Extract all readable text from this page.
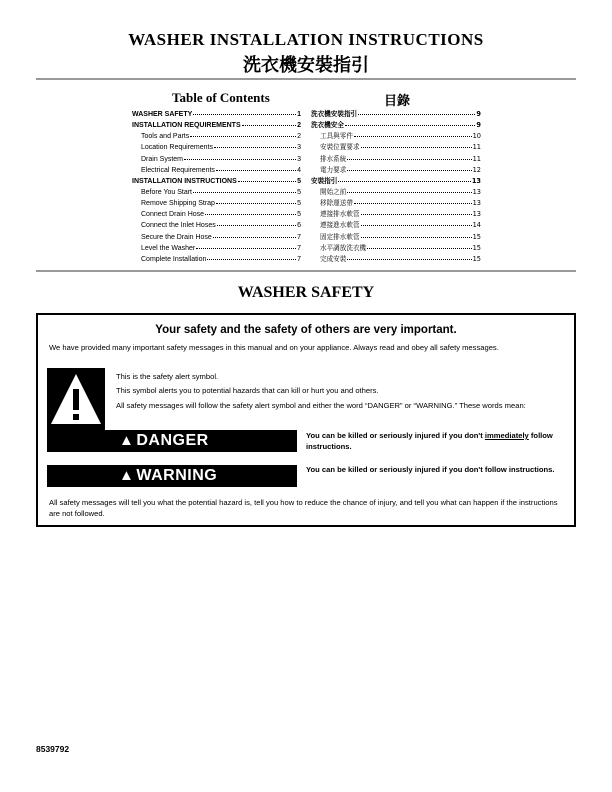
WASHER INSTALLATION INSTRUCTIONS
洗衣機安裝指引
Table of Contents
WASHER SAFETY	1
INSTALLATION REQUIREMENTS	2
Tools and Parts	2
Location Requirements	3
Drain System	3
Electrical Requirements	4
INSTALLATION INSTRUCTIONS	5
Before You Start	5
Remove Shipping Strap	5
Connect Drain Hose	5
Connect the Inlet Hoses	6
Secure the Drain Hose	7
Level the Washer	7
Complete Installation	7
目錄
洗衣機安裝指引	9
洗衣機安全	9
工具與零件	10
安裝位置要求	11
排水系統	11
電力要求	12
安裝指引	13
開始之前	13
移除運送帶	13
連接排水軟管	13
連接進水軟管	14
固定排水軟管	15
水平調放洗衣機	15
完成安裝	15
WASHER SAFETY
Your safety and the safety of others are very important.
We have provided many important safety messages in this manual and on your appliance. Always read and obey all safety messages.
This is the safety alert symbol.
This symbol alerts you to potential hazards that can kill or hurt you and others.
All safety messages will follow the safety alert symbol and either the word “DANGER” or “WARNING.” These words mean:
▲ DANGER	You can be killed or seriously injured if you don't immediately follow instructions.
▲ WARNING	You can be killed or seriously injured if you don't follow instructions.
All safety messages will tell you what the potential hazard is, tell you how to reduce the chance of injury, and tell you what can happen if the instructions are not followed.
8539792
